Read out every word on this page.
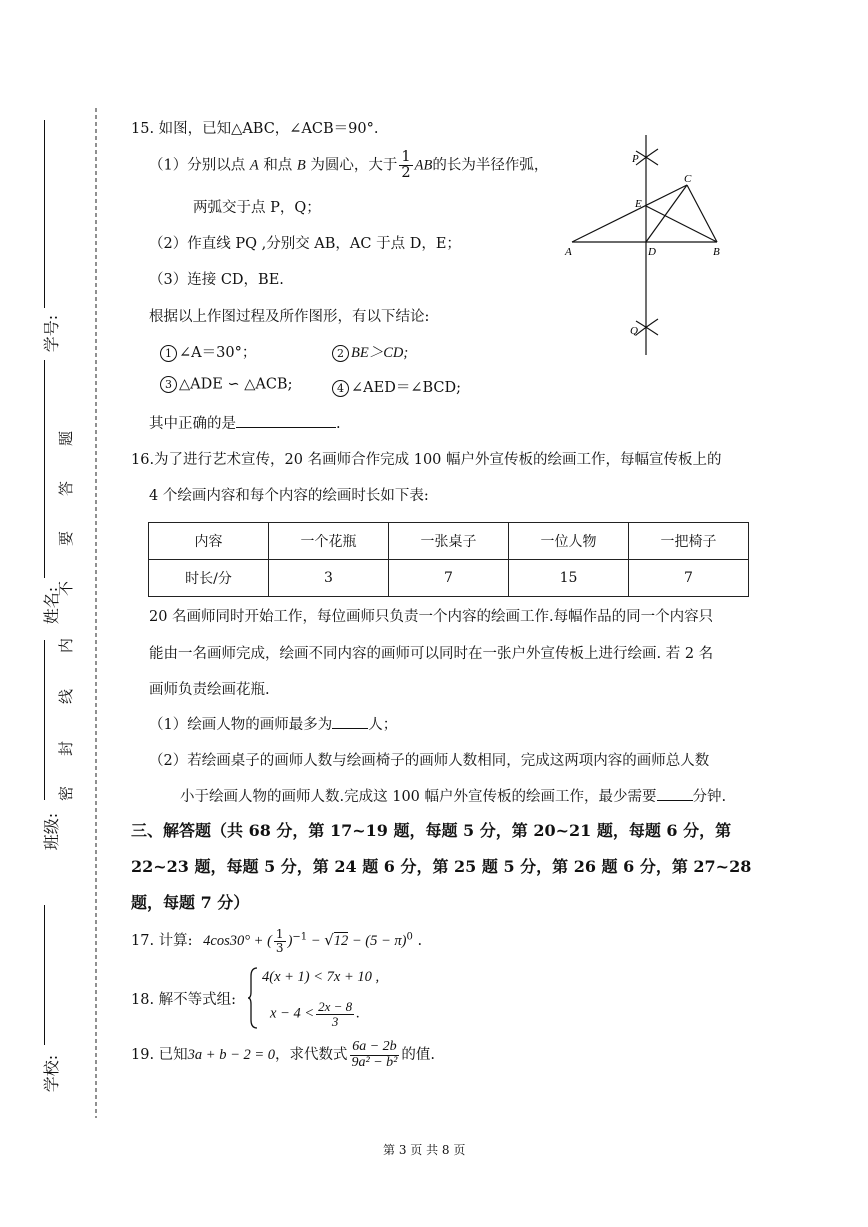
学校:
班级:
姓名:
学号:
密
封
线
内
不
要
答
题
15. 如图，已知△ABC，∠ACB＝90°.
（1）分别以点 A 和点 B 为圆心，大于 $\frac{1}{2}$ AB的长为半径作弧，
两弧交于点 P，Q；
（2）作直线 PQ ,分别交 AB，AC 于点 D，E；
（3）连接 CD，BE.
根据以上作图过程及所作图形，有以下结论:
1 ∠A＝30°；	2 BE＞CD;
3 △ADE ∽ △ACB;	4 ∠AED＝∠BCD;
其中正确的是	.
P
C
E
A	D	B
Q
16.为了进行艺术宣传，20 名画师合作完成 100 幅户外宣传板的绘画工作，每幅宣传板上的
4 个绘画内容和每个内容的绘画时长如下表:
内容	一个花瓶	一张桌子	一位人物	一把椅子
时长/分	3	7	15	7
20 名画师同时开始工作，每位画师只负责一个内容的绘画工作.每幅作品的同一个内容只
能由一名画师完成，绘画不同内容的画师可以同时在一张户外宣传板上进行绘画. 若 2 名
画师负责绘画花瓶.
（1）绘画人物的画师最多为 人；
（2）若绘画桌子的画师人数与绘画椅子的画师人数相同，完成这两项内容的画师总人数
小于绘画人物的画师人数.完成这 100 幅户外宣传板的绘画工作，最少需要 分钟.
三、解答题（共 68 分，第 17~19 题，每题 5 分，第 20~21 题，每题 6 分，第
22~23 题，每题 5 分，第 24 题 6 分，第 25 题 5 分，第 26 题 6 分，第 27~28
题，每题 7 分）
17. 计算: 4cos30° + ( $\frac{1}{3} )^{-1} - √12 - (5 - \pi)^0$ .
18. 解不等式组:
4(x + 1) < 7x + 10 ,
$x - 4 < \frac{2x - 8}{3}$ .
19. 已知3a + b − 2 = 0，求代数式 $\frac{6a - 2b}{\text{9a² − b²}}$ 的值.
第 3 页 共 8 页
